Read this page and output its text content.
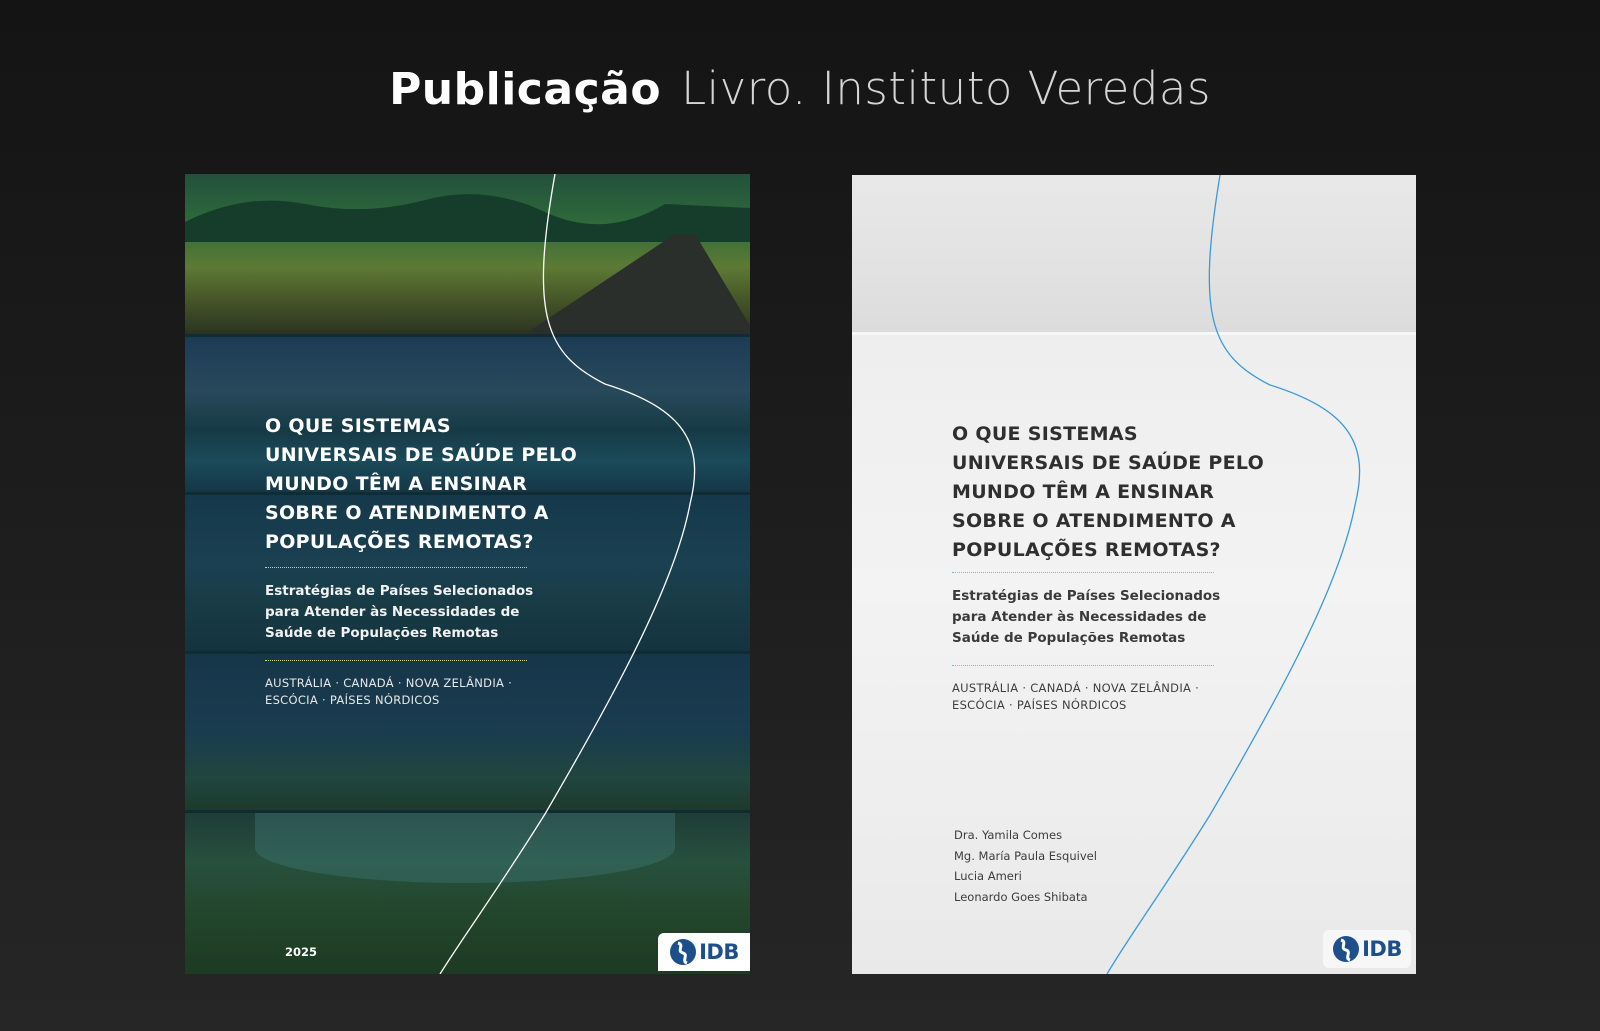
Publicação Livro. Instituto Veredas
O QUE SISTEMAS
UNIVERSAIS DE SAÚDE PELO
MUNDO TÊM A ENSINAR
SOBRE O ATENDIMENTO A
POPULAÇÕES REMOTAS?
Estratégias de Países Selecionados
para Atender às Necessidades de
Saúde de Populações Remotas
AUSTRÁLIA · CANADÁ · NOVA ZELÂNDIA ·
ESCÓCIA · PAÍSES NÓRDICOS
2025	IDB
O QUE SISTEMAS
UNIVERSAIS DE SAÚDE PELO
MUNDO TÊM A ENSINAR
SOBRE O ATENDIMENTO A
POPULAÇÕES REMOTAS?
Estratégias de Países Selecionados
para Atender às Necessidades de
Saúde de Populações Remotas
AUSTRÁLIA · CANADÁ · NOVA ZELÂNDIA ·
ESCÓCIA · PAÍSES NÓRDICOS
Dra. Yamila Comes
Mg. María Paula Esquivel
Lucia Ameri
Leonardo Goes Shibata
IDB
